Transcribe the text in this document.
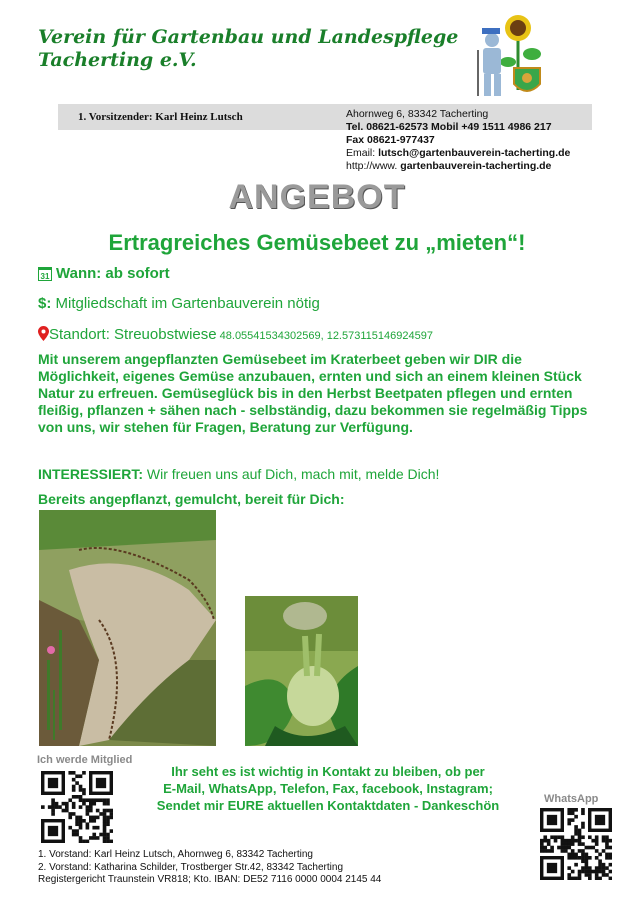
Verein für Gartenbau und Landespflege
Tacherting e.V.
1. Vorsitzender: Karl Heinz Lutsch	Ahornweg 6, 83342 Tacherting
Tel. 08621-62573 Mobil +49 1511 4986 217
Fax 08621-977437
Email: lutsch@gartenbauverein-tacherting.de
http://www. gartenbauverein-tacherting.de
ANGEBOT
Ertragreiches Gemüsebeet zu „mieten“!
31 Wann: ab sofort
$: Mitgliedschaft im Gartenbauverein nötig
Standort: Streuobstwiese 48.05541534302569, 12.573115146924597
Mit unserem angepflanzten Gemüsebeet im Kraterbeet geben wir DIR die Möglichkeit, eigenes Gemüse anzubauen, ernten und sich an einem kleinen Stück Natur zu erfreuen. Gemüseglück bis in den Herbst Beetpaten pflegen und ernten fleißig, pflanzen + sähen nach - selbständig, dazu bekommen sie regelmäßig Tipps von uns, wir stehen für Fragen, Beratung zur Verfügung.
INTERESSIERT: Wir freuen uns auf Dich, mach mit, melde Dich!
Bereits angepflanzt, gemulcht, bereit für Dich:
Ich werde Mitglied
Ihr seht es ist wichtig in Kontakt zu bleiben, ob per
E-Mail, WhatsApp, Telefon, Fax, facebook, Instagram;
Sendet mir EURE aktuellen Kontaktdaten - Dankeschön	WhatsApp
1. Vorstand: Karl Heinz Lutsch, Ahornweg 6, 83342 Tacherting
2. Vorstand: Katharina Schilder, Trostberger Str.42, 83342 Tacherting
Registergericht Traunstein VR818; Kto. IBAN: DE52 7116 0000 0004 2145 44
